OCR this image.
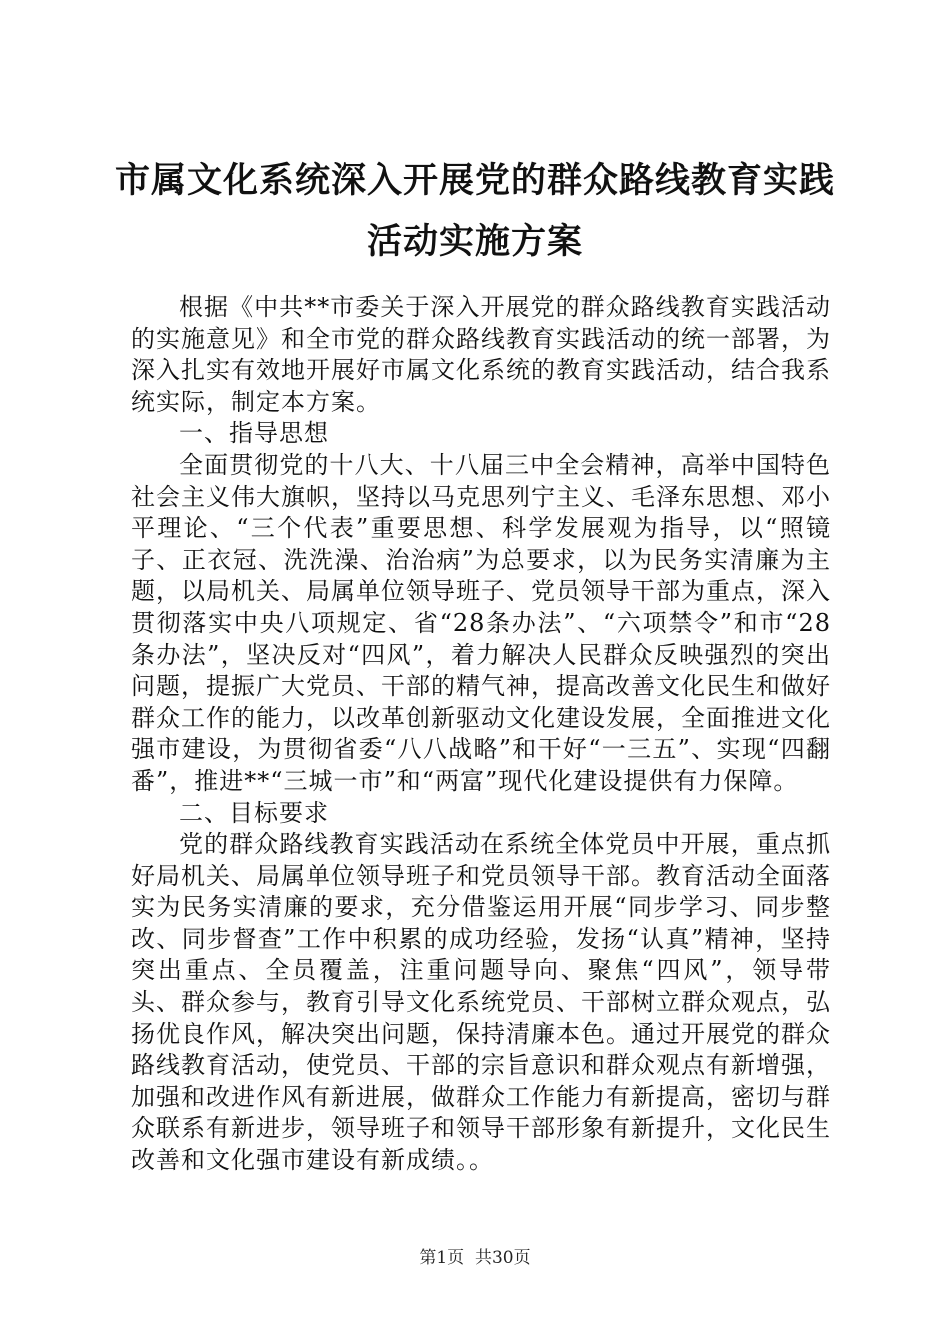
市属文化系统深入开展党的群众路线教育实践
活动实施方案

根据《中共**市委关于深入开展党的群众路线教育实践活动的实施意见》和全市党的群众路线教育实践活动的统一部署，为深入扎实有效地开展好市属文化系统的教育实践活动，结合我系统实际，制定本方案。

一、指导思想

全面贯彻党的十八大、十八届三中全会精神，高举中国特色社会主义伟大旗帜，坚持以马克思列宁主义、毛泽东思想、邓小平理论、“三个代表”重要思想、科学发展观为指导，以“照镜子、正衣冠、洗洗澡、治治病”为总要求，以为民务实清廉为主题，以局机关、局属单位领导班子、党员领导干部为重点，深入贯彻落实中央八项规定、省“28条办法”、“六项禁令”和市“28条办法”，坚决反对“四风”，着力解决人民群众反映强烈的突出问题，提振广大党员、干部的精气神，提高改善文化民生和做好群众工作的能力，以改革创新驱动文化建设发展，全面推进文化强市建设，为贯彻省委“八八战略”和干好“一三五”、实现“四翻番”，推进**“三城一市”和“两富”现代化建设提供有力保障。

二、目标要求

党的群众路线教育实践活动在系统全体党员中开展，重点抓好局机关、局属单位领导班子和党员领导干部。教育活动全面落实为民务实清廉的要求，充分借鉴运用开展“同步学习、同步整改、同步督查”工作中积累的成功经验，发扬“认真”精神，坚持突出重点、全员覆盖，注重问题导向、聚焦“四风”，领导带头、群众参与，教育引导文化系统党员、干部树立群众观点，弘扬优良作风，解决突出问题，保持清廉本色。通过开展党的群众路线教育活动，使党员、干部的宗旨意识和群众观点有新增强，加强和改进作风有新进展，做群众工作能力有新提高，密切与群众联系有新进步，领导班子和领导干部形象有新提升，文化民生改善和文化强市建设有新成绩。。

第1页  共30页
